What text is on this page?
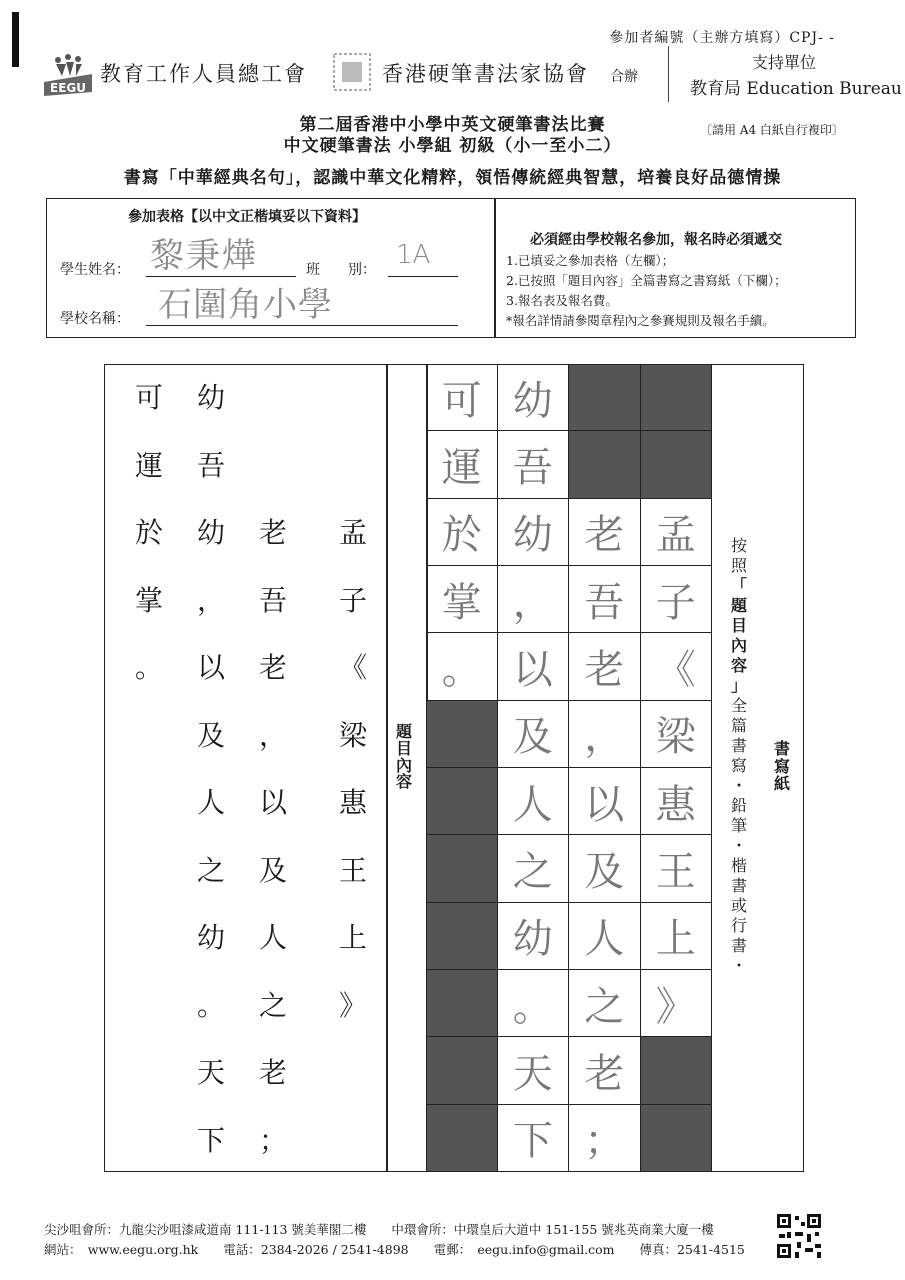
參加者編號（主辦方填寫）CPJ- -
EEGU
教育工作人員總工會	香港硬筆書法家協會 合辦
支持單位
教育局 Education Bureau
第二屆香港中小學中英文硬筆書法比賽
中文硬筆書法 小學組 初級（小一至小二）
〔請用 A4 白紙自行複印〕
書寫「中華經典名句」，認識中華文化精粹，領悟傳統經典智慧，培養良好品德情操
參加表格【以中文正楷填妥以下資料】
學生姓名： 黎秉燁	班　　別： 1A
學校名稱： 石圍角小學
必須經由學校報名參加，報名時必須遞交
1.已填妥之參加表格（左欄）；
2.已按照「題目內容」全篇書寫之書寫紙（下欄）；
3.報名表及報名費。
*報名詳情請參閱章程內之參賽規則及報名手續。
可
運
於
掌
。
幼
吾
幼
，
以
及
人
之
幼
。
天
下
老
吾
老
，
以
及
人
之
老
；
孟
子
《
梁
惠
王
上
》
題
目
內
容
可 幼
運 吾
於 幼 老 孟
掌 ， 吾 子
。 以 老 《
及 ， 梁
人 以 惠
之 及 王
幼 人 上
。 之 》
天 老
下 ；
按
照
「
題
目
內
容
」
全
篇
書
寫
・
鉛
筆
・
楷
書
或
行
書
・
書
寫
紙
尖沙咀會所：九龍尖沙咀漆咸道南 111-113 號美華閣二樓　　中環會所：中環皇后大道中 151-155 號兆英商業大廈一樓
網站：　www.eegu.org.hk　　電話：2384-2026 / 2541-4898　　電郵：　eegu.info@gmail.com　　傳真：2541-4515
